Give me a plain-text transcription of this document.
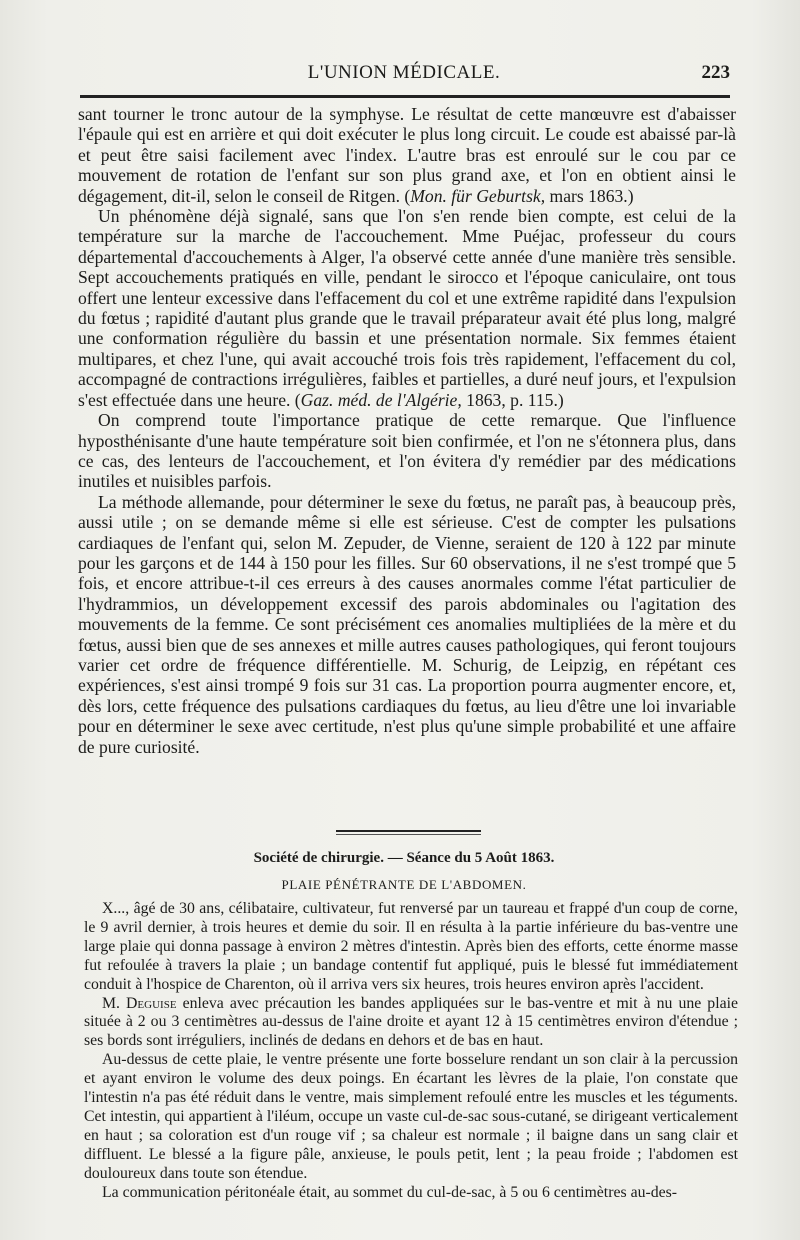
L'UNION MÉDICALE.	223

sant tourner le tronc autour de la symphyse. Le résultat de cette manœuvre est d'abaisser l'épaule qui est en arrière et qui doit exécuter le plus long circuit. Le coude est abaissé par-là et peut être saisi facilement avec l'index. L'autre bras est enroulé sur le cou par ce mouvement de rotation de l'enfant sur son plus grand axe, et l'on en obtient ainsi le dégagement, dit-il, selon le conseil de Ritgen. (Mon. für Geburtsk, mars 1863.)

Un phénomène déjà signalé, sans que l'on s'en rende bien compte, est celui de la température sur la marche de l'accouchement. Mme Puéjac, professeur du cours départemental d'accouchements à Alger, l'a observé cette année d'une manière très sensible. Sept accouchements pratiqués en ville, pendant le sirocco et l'époque caniculaire, ont tous offert une lenteur excessive dans l'effacement du col et une extrême rapidité dans l'expulsion du fœtus ; rapidité d'autant plus grande que le travail préparateur avait été plus long, malgré une conformation régulière du bassin et une présentation normale. Six femmes étaient multipares, et chez l'une, qui avait accouché trois fois très rapidement, l'effacement du col, accompagné de contractions irrégulières, faibles et partielles, a duré neuf jours, et l'expulsion s'est effectuée dans une heure. (Gaz. méd. de l'Algérie, 1863, p. 115.)

On comprend toute l'importance pratique de cette remarque. Que l'influence hyposthénisante d'une haute température soit bien confirmée, et l'on ne s'étonnera plus, dans ce cas, des lenteurs de l'accouchement, et l'on évitera d'y remédier par des médications inutiles et nuisibles parfois.

La méthode allemande, pour déterminer le sexe du fœtus, ne paraît pas, à beaucoup près, aussi utile ; on se demande même si elle est sérieuse. C'est de compter les pulsations cardiaques de l'enfant qui, selon M. Zepuder, de Vienne, seraient de 120 à 122 par minute pour les garçons et de 144 à 150 pour les filles. Sur 60 observations, il ne s'est trompé que 5 fois, et encore attribue-t-il ces erreurs à des causes anormales comme l'état particulier de l'hydrammios, un développement excessif des parois abdominales ou l'agitation des mouvements de la femme. Ce sont précisément ces anomalies multipliées de la mère et du fœtus, aussi bien que de ses annexes et mille autres causes pathologiques, qui feront toujours varier cet ordre de fréquence différentielle. M. Schurig, de Leipzig, en répétant ces expériences, s'est ainsi trompé 9 fois sur 31 cas. La proportion pourra augmenter encore, et, dès lors, cette fréquence des pulsations cardiaques du fœtus, au lieu d'être une loi invariable pour en déterminer le sexe avec certitude, n'est plus qu'une simple probabilité et une affaire de pure curiosité.

Société de chirurgie. — Séance du 5 Août 1863.
PLAIE PÉNÉTRANTE DE L'ABDOMEN.

X..., âgé de 30 ans, célibataire, cultivateur, fut renversé par un taureau et frappé d'un coup de corne, le 9 avril dernier, à trois heures et demie du soir. Il en résulta à la partie inférieure du bas-ventre une large plaie qui donna passage à environ 2 mètres d'intestin. Après bien des efforts, cette énorme masse fut refoulée à travers la plaie ; un bandage contentif fut appliqué, puis le blessé fut immédiatement conduit à l'hospice de Charenton, où il arriva vers six heures, trois heures environ après l'accident.

M. Deguise enleva avec précaution les bandes appliquées sur le bas-ventre et mit à nu une plaie située à 2 ou 3 centimètres au-dessus de l'aine droite et ayant 12 à 15 centimètres environ d'étendue ; ses bords sont irréguliers, inclinés de dedans en dehors et de bas en haut.

Au-dessus de cette plaie, le ventre présente une forte bosselure rendant un son clair à la percussion et ayant environ le volume des deux poings. En écartant les lèvres de la plaie, l'on constate que l'intestin n'a pas été réduit dans le ventre, mais simplement refoulé entre les muscles et les téguments. Cet intestin, qui appartient à l'iléum, occupe un vaste cul-de-sac sous-cutané, se dirigeant verticalement en haut ; sa coloration est d'un rouge vif ; sa chaleur est normale ; il baigne dans un sang clair et diffluent. Le blessé a la figure pâle, anxieuse, le pouls petit, lent ; la peau froide ; l'abdomen est douloureux dans toute son étendue.

La communication péritonéale était, au sommet du cul-de-sac, à 5 ou 6 centimètres au-des-
